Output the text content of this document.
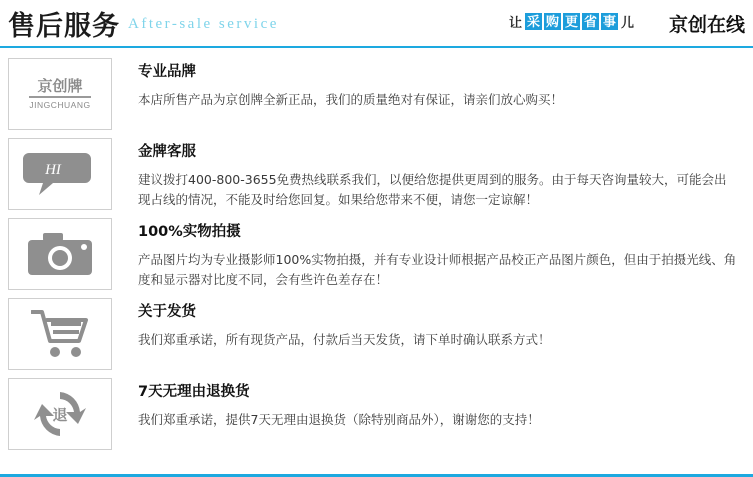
售后服务 After-sale service	让 采 购 更 省 事 儿 京创在线
京创牌
JINGCHUANG
专业品牌
本店所售产品为京创牌全新正品，我们的质量绝对有保证，请亲们放心购买！
HI
金牌客服
建议拨打400-800-3655免费热线联系我们，以便给您提供更周到的服务。由于每天咨询量较大，可能会出现占线的情况，不能及时给您回复。如果给您带来不便，请您一定谅解！
100%实物拍摄
产品图片均为专业摄影师100%实物拍摄，并有专业设计师根据产品校正产品图片颜色，但由于拍摄光线、角度和显示器对比度不同，会有些许色差存在！
关于发货
我们郑重承诺，所有现货产品，付款后当天发货，请下单时确认联系方式！
退
7天无理由退换货
我们郑重承诺，提供7天无理由退换货（除特别商品外），谢谢您的支持！
